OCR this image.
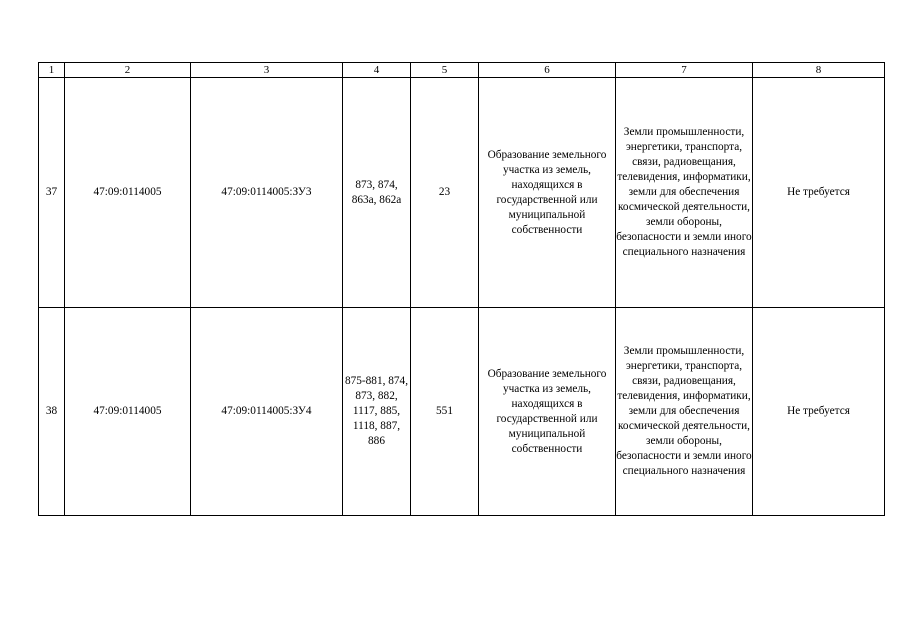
1	2	3	4	5	6	7	8
37	47:09:0114005	47:09:0114005:ЗУ3	873, 874, 863а, 862а	23	Образование земельного участка из земель, находящихся в государственной или муниципальной собственности	Земли промышленности, энергетики, транспорта, связи, радиовещания, телевидения, информатики, земли для обеспечения космической деятельности, земли обороны, безопасности и земли иного специального назначения	Не требуется
38	47:09:0114005	47:09:0114005:ЗУ4	875-881, 874, 873, 882, 1117, 885, 1118, 887, 886	551	Образование земельного участка из земель, находящихся в государственной или муниципальной собственности	Земли промышленности, энергетики, транспорта, связи, радиовещания, телевидения, информатики, земли для обеспечения космической деятельности, земли обороны, безопасности и земли иного специального назначения	Не требуется
